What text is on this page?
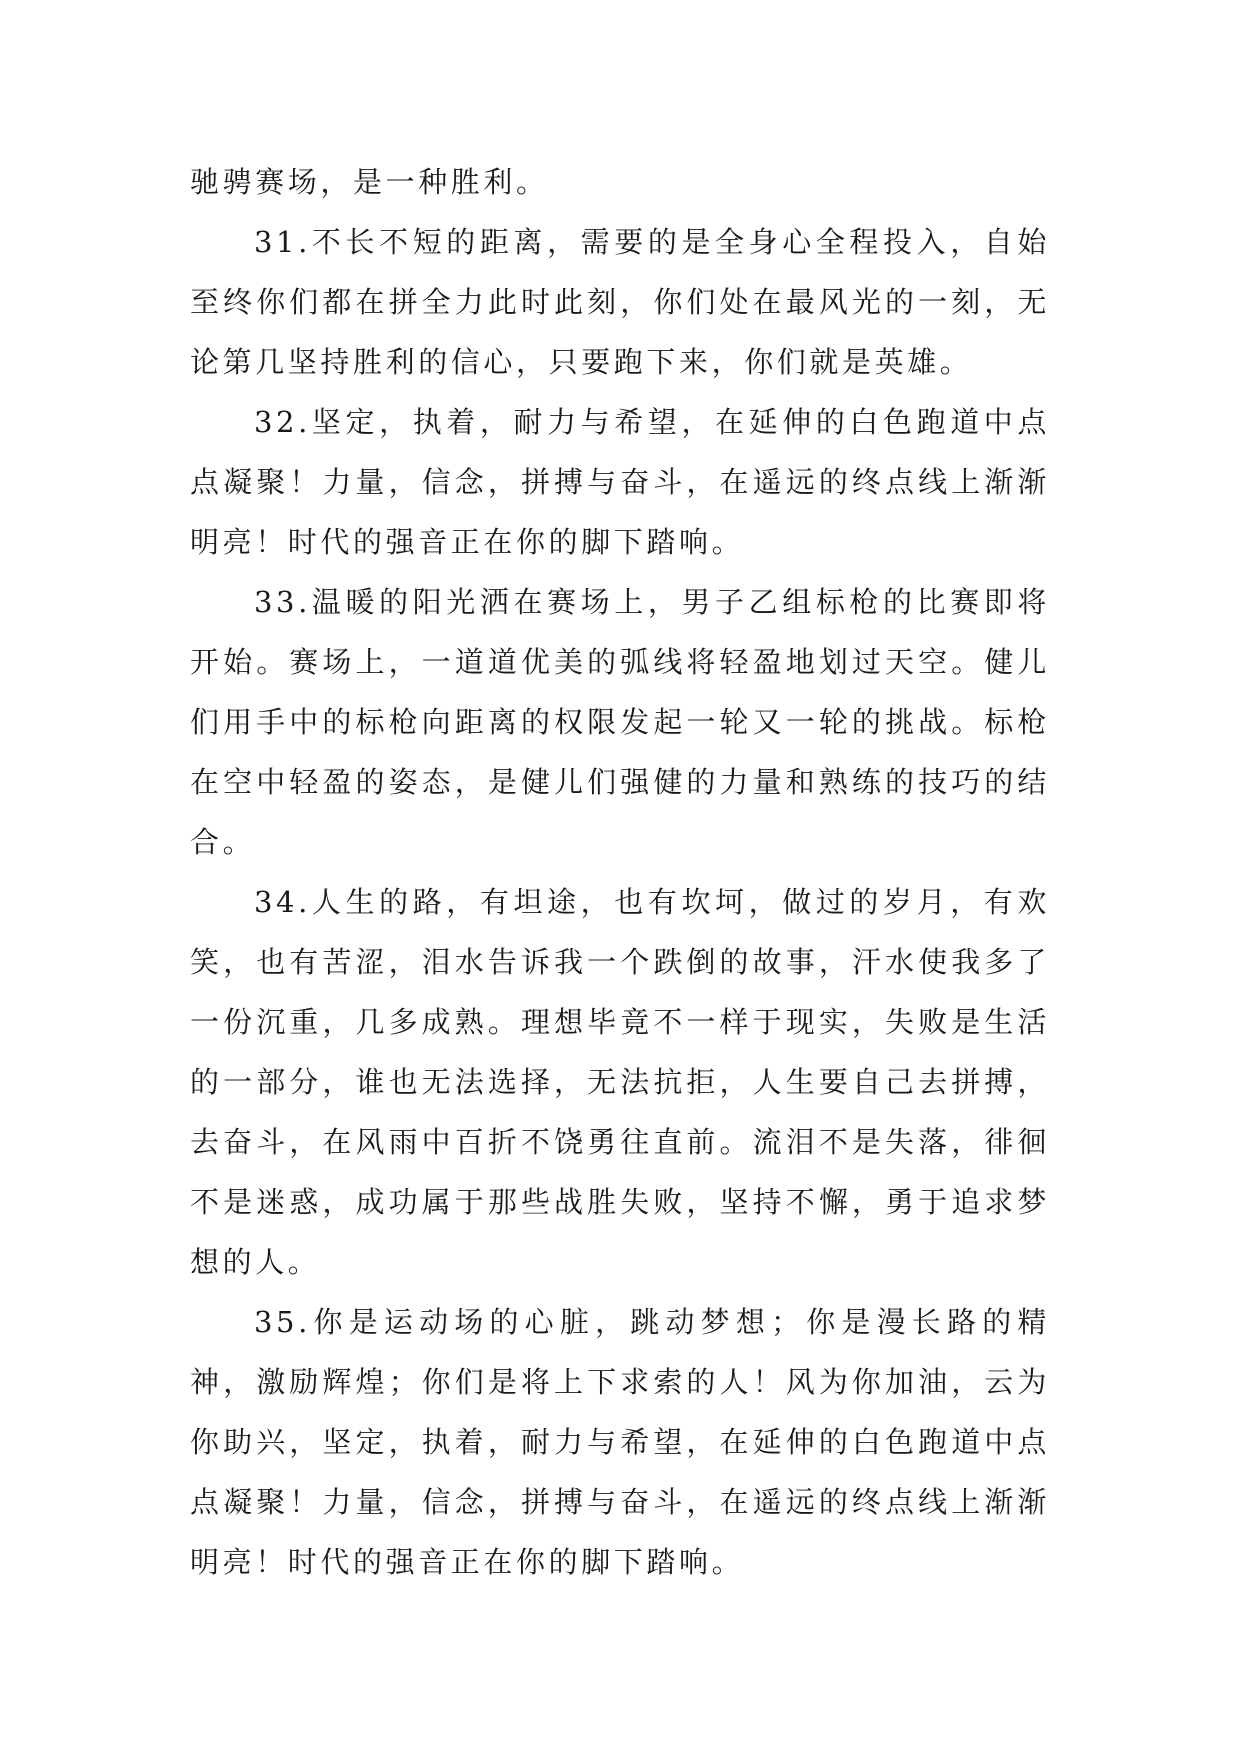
驰骋赛场，是一种胜利。

31.不长不短的距离，需要的是全身心全程投入，自始至终你们都在拼全力此时此刻，你们处在最风光的一刻，无论第几坚持胜利的信心，只要跑下来，你们就是英雄。

32.坚定，执着，耐力与希望，在延伸的白色跑道中点点凝聚！力量，信念，拼搏与奋斗，在遥远的终点线上渐渐明亮！时代的强音正在你的脚下踏响。

33.温暖的阳光洒在赛场上，男子乙组标枪的比赛即将开始。赛场上，一道道优美的弧线将轻盈地划过天空。健儿们用手中的标枪向距离的权限发起一轮又一轮的挑战。标枪在空中轻盈的姿态，是健儿们强健的力量和熟练的技巧的结合。

34.人生的路，有坦途，也有坎坷，做过的岁月，有欢笑，也有苦涩，泪水告诉我一个跌倒的故事，汗水使我多了一份沉重，几多成熟。理想毕竟不一样于现实，失败是生活的一部分，谁也无法选择，无法抗拒，人生要自己去拼搏，去奋斗，在风雨中百折不饶勇往直前。流泪不是失落，徘徊不是迷惑，成功属于那些战胜失败，坚持不懈，勇于追求梦想的人。

35.你是运动场的心脏，跳动梦想；你是漫长路的精神，激励辉煌；你们是将上下求索的人！风为你加油，云为你助兴，坚定，执着，耐力与希望，在延伸的白色跑道中点点凝聚！力量，信念，拼搏与奋斗，在遥远的终点线上渐渐明亮！时代的强音正在你的脚下踏响。
